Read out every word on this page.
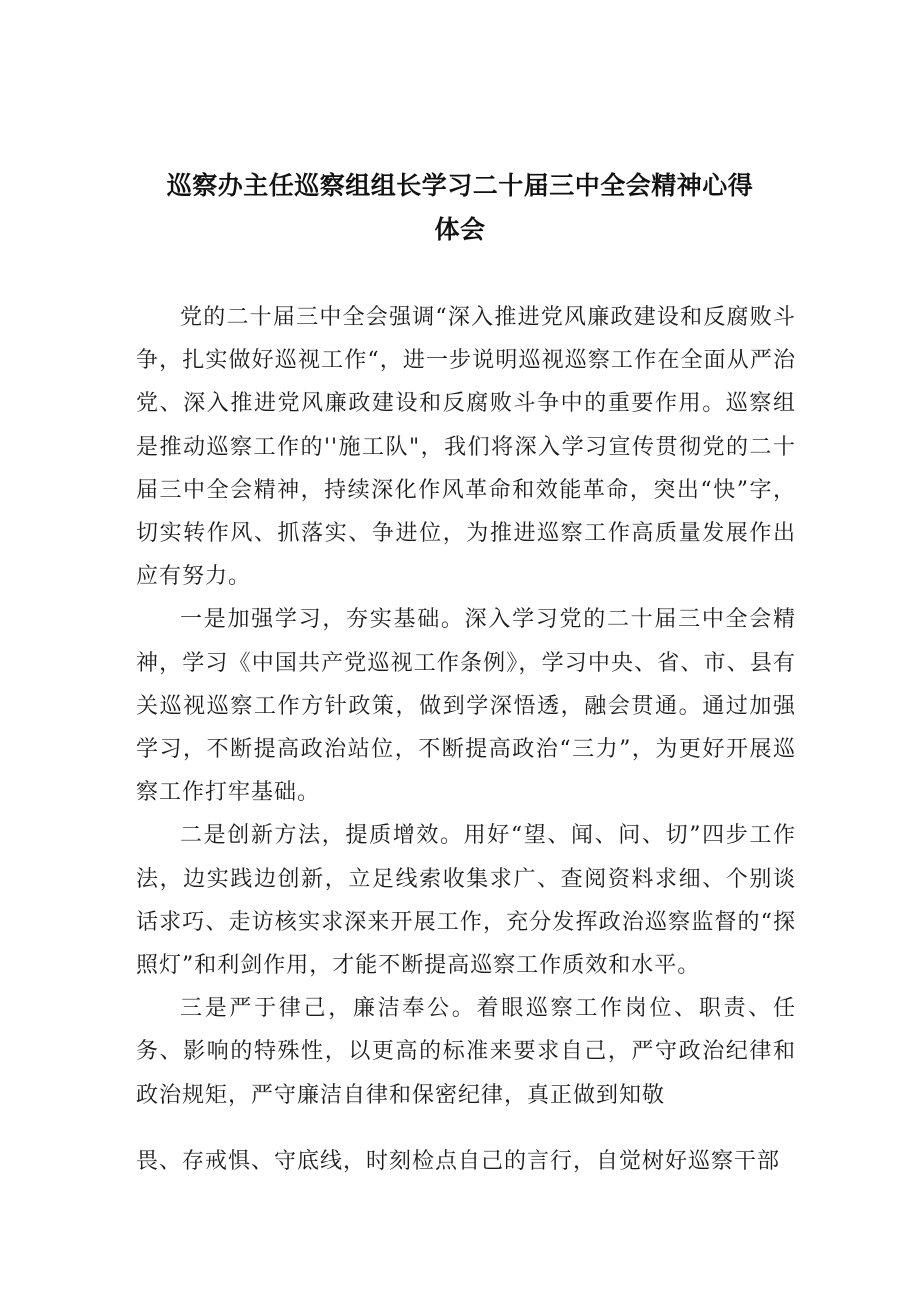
巡察办主任巡察组组长学习二十届三中全会精神心得
体会

党的二十届三中全会强调“深入推进党风廉政建设和反腐败斗争，扎实做好巡视工作“，进一步说明巡视巡察工作在全面从严治党、深入推进党风廉政建设和反腐败斗争中的重要作用。巡察组是推动巡察工作的''施工队"，我们将深入学习宣传贯彻党的二十届三中全会精神，持续深化作风革命和效能革命，突出“快”字，切实转作风、抓落实、争进位，为推进巡察工作高质量发展作出应有努力。

一是加强学习，夯实基础。深入学习党的二十届三中全会精神，学习《中国共产党巡视工作条例》，学习中央、省、市、县有关巡视巡察工作方针政策，做到学深悟透，融会贯通。通过加强学习，不断提高政治站位，不断提高政治“三力”，为更好开展巡察工作打牢基础。

二是创新方法，提质增效。用好“望、闻、问、切”四步工作法，边实践边创新，立足线索收集求广、查阅资料求细、个别谈话求巧、走访核实求深来开展工作，充分发挥政治巡察监督的“探照灯”和利剑作用，才能不断提高巡察工作质效和水平。

三是严于律己，廉洁奉公。着眼巡察工作岗位、职责、任务、影响的特殊性，以更高的标准来要求自己，严守政治纪律和政治规矩，严守廉洁自律和保密纪律，真正做到知敬

畏、存戒惧、守底线，时刻检点自己的言行，自觉树好巡察干部
